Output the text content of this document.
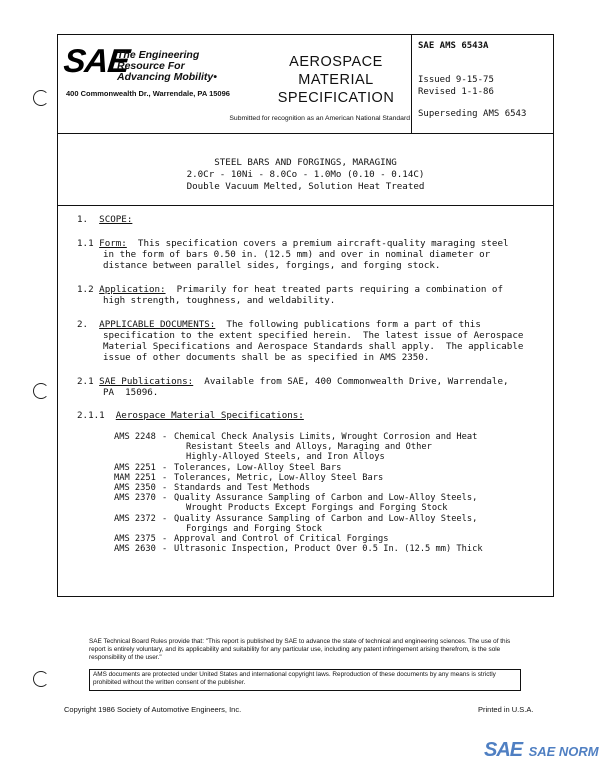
SAE
The Engineering
Resource For
Advancing Mobility•
400 Commonwealth Dr., Warrendale, PA 15096
AEROSPACE
MATERIAL
SPECIFICATION
Submitted for recognition as an American National Standard
SAE AMS 6543A
Issued 9-15-75
Revised 1-1-86
Superseding AMS 6543
STEEL BARS AND FORGINGS, MARAGING
2.0Cr - 10Ni - 8.0Co - 1.0Mo (0.10 - 0.14C)
Double Vacuum Melted, Solution Heat Treated
1. SCOPE:
1.1 Form: This specification covers a premium aircraft-quality maraging steel
in the form of bars 0.50 in. (12.5 mm) and over in nominal diameter or
distance between parallel sides, forgings, and forging stock.
1.2 Application: Primarily for heat treated parts requiring a combination of
high strength, toughness, and weldability.
2. APPLICABLE DOCUMENTS: The following publications form a part of this
specification to the extent specified herein.  The latest issue of Aerospace
Material Specifications and Aerospace Standards shall apply.  The applicable
issue of other documents shall be as specified in AMS 2350.
2.1 SAE Publications: Available from SAE, 400 Commonwealth Drive, Warrendale,
PA  15096.
2.1.1 Aerospace Material Specifications:
AMS 2248 - Chemical Check Analysis Limits, Wrought Corrosion and Heat
Resistant Steels and Alloys, Maraging and Other
Highly-Alloyed Steels, and Iron Alloys
AMS 2251 - Tolerances, Low-Alloy Steel Bars
MAM 2251 - Tolerances, Metric, Low-Alloy Steel Bars
AMS 2350 - Standards and Test Methods
AMS 2370 - Quality Assurance Sampling of Carbon and Low-Alloy Steels,
Wrought Products Except Forgings and Forging Stock
AMS 2372 - Quality Assurance Sampling of Carbon and Low-Alloy Steels,
Forgings and Forging Stock
AMS 2375 - Approval and Control of Critical Forgings
AMS 2630 - Ultrasonic Inspection, Product Over 0.5 In. (12.5 mm) Thick
SAE Technical Board Rules provide that: "This report is published by SAE to advance the state of technical and engineering sciences. The use of this report is entirely voluntary, and its applicability and suitability for any particular use, including any patent infringement arising therefrom, is the sole responsibility of the user."
AMS documents are protected under United States and international copyright laws. Reproduction of these documents by any means is strictly prohibited without the written consent of the publisher.
Copyright 1986 Society of Automotive Engineers, Inc.	Printed in U.S.A.
SAE SAE NORM
